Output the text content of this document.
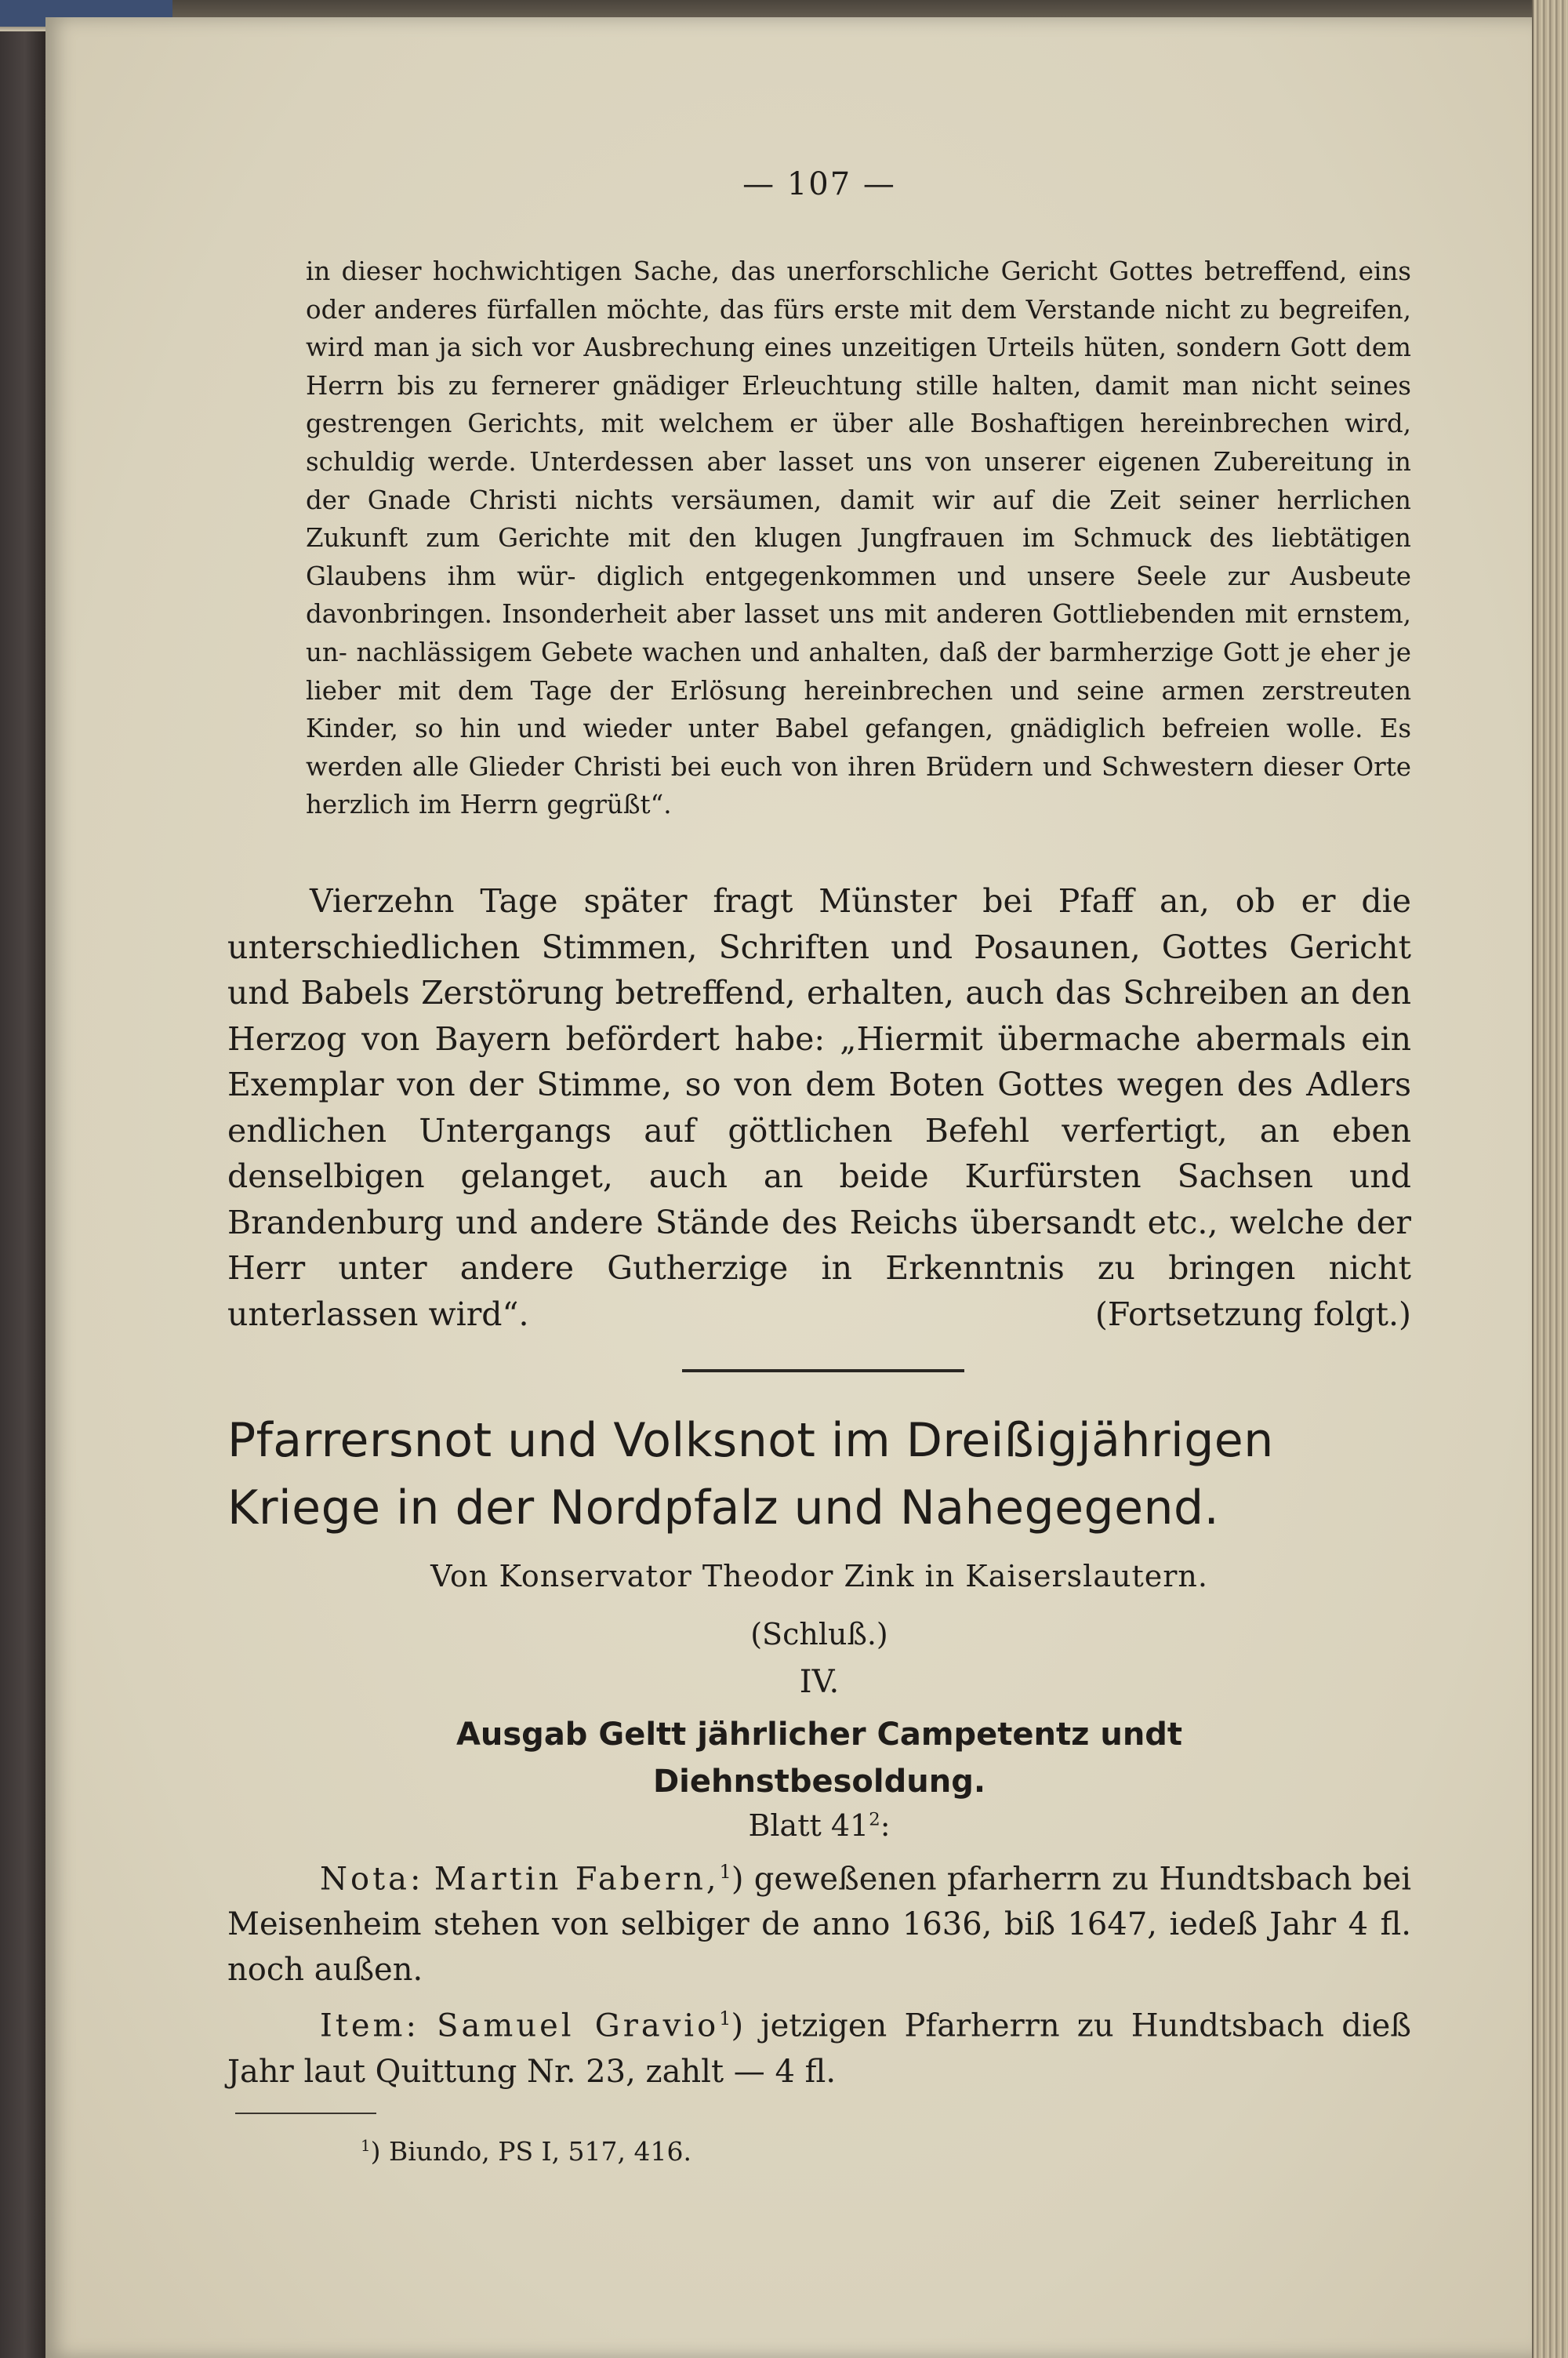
— 107 —

in dieser hochwichtigen Sache, das unerforschliche Gericht Gottes betreffend, eins oder anderes fürfallen möchte, das fürs erste mit dem Verstande nicht zu begreifen, wird man ja sich vor Ausbrechung eines unzeitigen Urteils hüten, sondern Gott dem Herrn bis zu fernerer gnädiger Erleuchtung stille halten, damit man nicht seines gestrengen Gerichts, mit welchem er über alle Boshaftigen hereinbrechen wird, schuldig werde. Unterdessen aber lasset uns von unserer eigenen Zubereitung in der Gnade Christi nichts versäumen, damit wir auf die Zeit seiner herrlichen Zukunft zum Gerichte mit den klugen Jungfrauen im Schmuck des liebtätigen Glaubens ihm wür- diglich entgegenkommen und unsere Seele zur Ausbeute davonbringen. Insonderheit aber lasset uns mit anderen Gottliebenden mit ernstem, un- nachlässigem Gebete wachen und anhalten, daß der barmherzige Gott je eher je lieber mit dem Tage der Erlösung hereinbrechen und seine armen zerstreuten Kinder, so hin und wieder unter Babel gefangen, gnädiglich befreien wolle. Es werden alle Glieder Christi bei euch von ihren Brüdern und Schwestern dieser Orte herzlich im Herrn gegrüßt“.

Vierzehn Tage später fragt Münster bei Pfaff an, ob er die unterschiedlichen Stimmen, Schriften und Posaunen, Gottes Gericht und Babels Zerstörung betreffend, erhalten, auch das Schreiben an den Herzog von Bayern befördert habe: „Hiermit übermache abermals ein Exemplar von der Stimme, so von dem Boten Gottes wegen des Adlers endlichen Untergangs auf göttlichen Befehl verfertigt, an eben denselbigen gelanget, auch an beide Kurfürsten Sachsen und Brandenburg und andere Stände des Reichs übersandt etc., welche der Herr unter andere Gutherzige in Erkenntnis zu bringen nicht unterlassen wird“.	(Fortsetzung folgt.)

Pfarrersnot und Volksnot im Dreißigjährigen
Kriege in der Nordpfalz und Nahegegend.
Von Konservator Theodor Zink in Kaiserslautern.
(Schluß.)
IV.
Ausgab Geltt jährlicher Campetentz undt
Diehnstbesoldung.
Blatt $41^2$:

Nota: Martin Fabern,$^1$) geweßenen pfarherrn zu Hundtsbach bei Meisenheim stehen von selbiger de anno 1636, biß 1647, iedeß Jahr 4 fl. noch außen.

Item: Samuel Gravio$^1$) jetzigen Pfarherrn zu Hundtsbach dieß Jahr laut Quittung Nr. 23, zahlt — 4 fl.

$^1$) Biundo, PS I, 517, 416.
